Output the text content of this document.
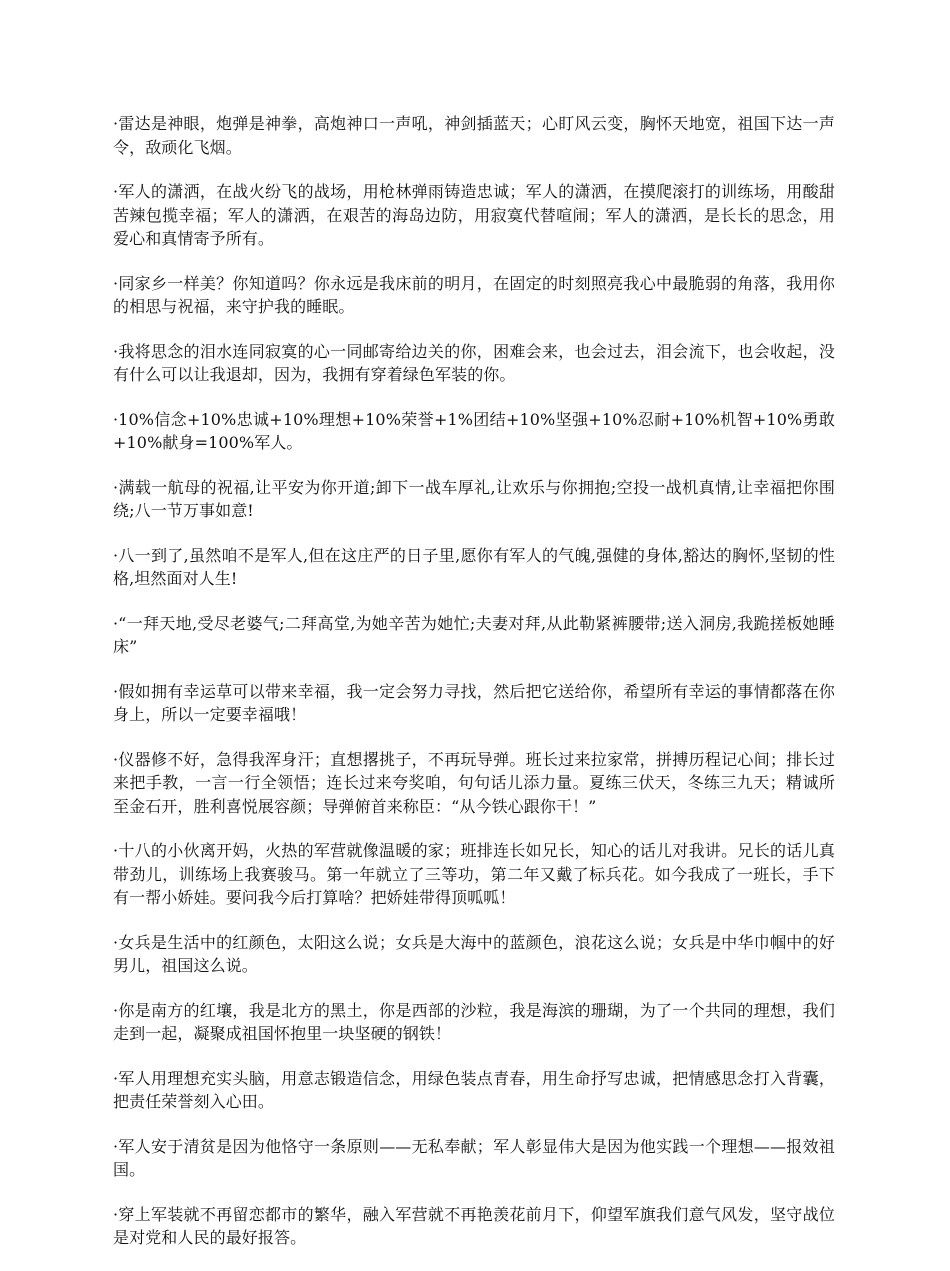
·雷达是神眼，炮弹是神拳，高炮神口一声吼，神剑插蓝天；心盯风云变，胸怀天地宽，祖国下达一声令，敌顽化飞烟。

·军人的潇洒，在战火纷飞的战场，用枪林弹雨铸造忠诚；军人的潇洒，在摸爬滚打的训练场，用酸甜苦辣包揽幸福；军人的潇洒，在艰苦的海岛边防，用寂寞代替喧闹；军人的潇洒，是长长的思念，用爱心和真情寄予所有。

·同家乡一样美？你知道吗？你永远是我床前的明月，在固定的时刻照亮我心中最脆弱的角落，我用你的相思与祝福，来守护我的睡眠。

·我将思念的泪水连同寂寞的心一同邮寄给边关的你，困难会来，也会过去，泪会流下，也会收起，没有什么可以让我退却，因为，我拥有穿着绿色军装的你。

·10%信念+10%忠诚+10%理想+10%荣誉+1%团结+10%坚强+10%忍耐+10%机智+10%勇敢+10%献身=100%军人。

·满载一航母的祝福,让平安为你开道;卸下一战车厚礼,让欢乐与你拥抱;空投一战机真情,让幸福把你围绕;八一节万事如意!

·八一到了,虽然咱不是军人,但在这庄严的日子里,愿你有军人的气魄,强健的身体,豁达的胸怀,坚韧的性格,坦然面对人生!

·“一拜天地,受尽老婆气;二拜高堂,为她辛苦为她忙;夫妻对拜,从此勒紧裤腰带;送入洞房,我跪搓板她睡床”

·假如拥有幸运草可以带来幸福，我一定会努力寻找，然后把它送给你，希望所有幸运的事情都落在你身上，所以一定要幸福哦！

·仪器修不好，急得我浑身汗；直想撂挑子，不再玩导弹。班长过来拉家常，拼搏历程记心间；排长过来把手教，一言一行全领悟；连长过来夸奖咱，句句话儿添力量。夏练三伏天，冬练三九天；精诚所至金石开，胜利喜悦展容颜；导弹俯首来称臣：“从今铁心跟你干！”

·十八的小伙离开妈，火热的军营就像温暖的家；班排连长如兄长，知心的话儿对我讲。兄长的话儿真带劲儿，训练场上我赛骏马。第一年就立了三等功，第二年又戴了标兵花。如今我成了一班长，手下有一帮小娇娃。要问我今后打算啥？把娇娃带得顶呱呱！

·女兵是生活中的红颜色，太阳这么说；女兵是大海中的蓝颜色，浪花这么说；女兵是中华巾帼中的好男儿，祖国这么说。

·你是南方的红壤，我是北方的黑土，你是西部的沙粒，我是海滨的珊瑚，为了一个共同的理想，我们走到一起，凝聚成祖国怀抱里一块坚硬的钢铁！

·军人用理想充实头脑，用意志锻造信念，用绿色装点青春，用生命抒写忠诚，把情感思念打入背囊，把责任荣誉刻入心田。

·军人安于清贫是因为他恪守一条原则——无私奉献；军人彰显伟大是因为他实践一个理想——报效祖国。

·穿上军装就不再留恋都市的繁华，融入军营就不再艳羡花前月下，仰望军旗我们意气风发，坚守战位是对党和人民的最好报答。
